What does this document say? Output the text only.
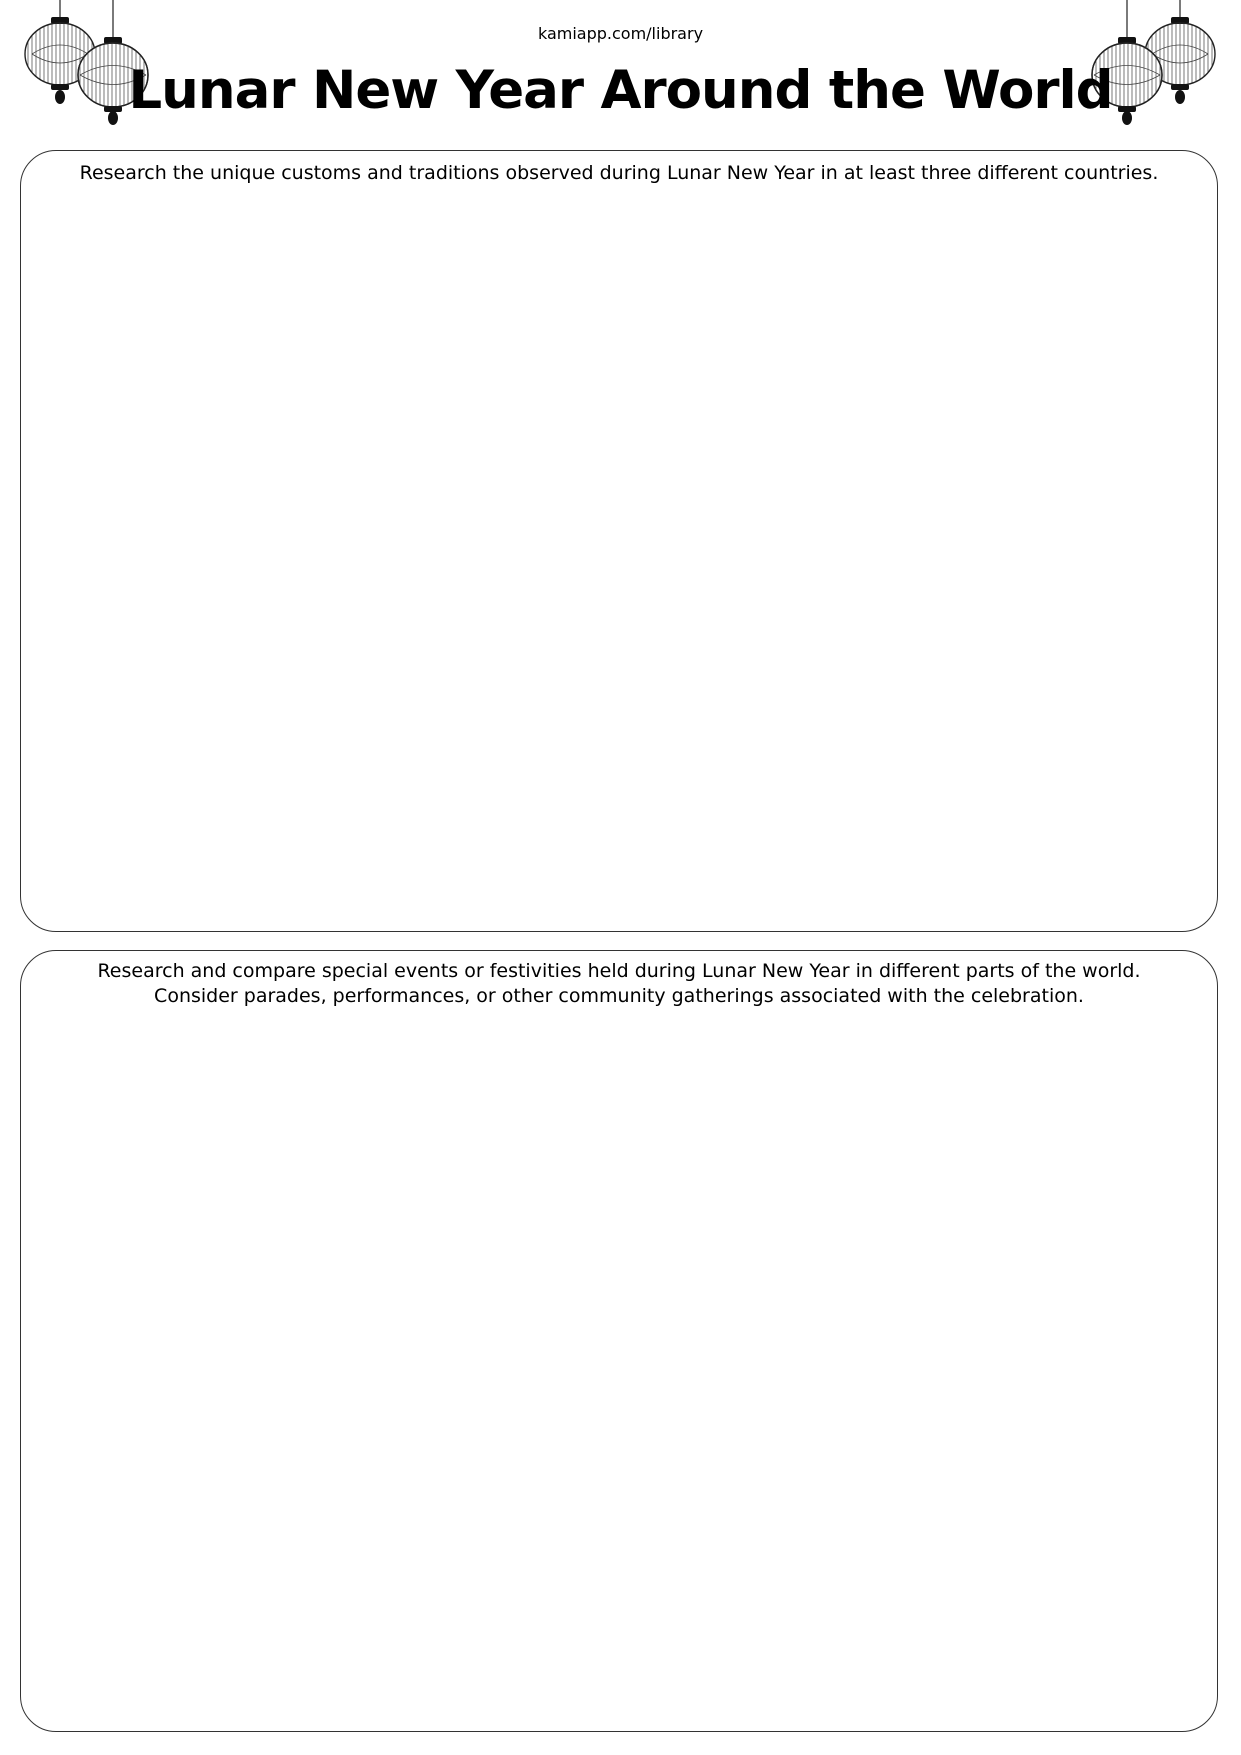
kamiapp.com/library
Lunar New Year Around the World

Research the unique customs and traditions observed during Lunar New Year in at least three different countries.

Research and compare special events or festivities held during Lunar New Year in different parts of the world.
Consider parades, performances, or other community gatherings associated with the celebration.
